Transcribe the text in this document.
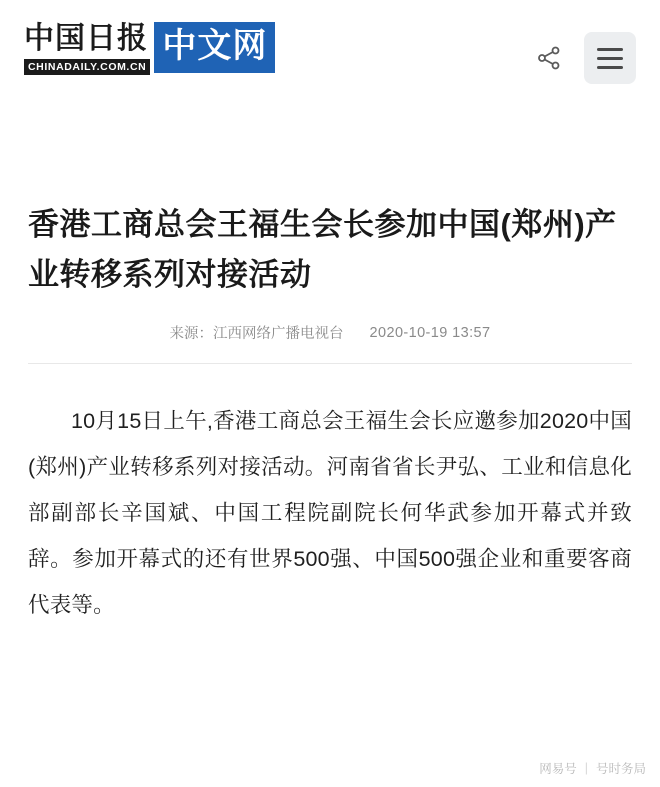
中国日报
CHINADAILY.COM.CN
中文网
香港工商总会王福生会长参加中国(郑州)产业转移系列对接活动
来源：江西网络广播电视台 2020-10-19 13:57

10月15日上午,香港工商总会王福生会长应邀参加2020中国(郑州)产业转移系列对接活动。河南省省长尹弘、工业和信息化部副部长辛国斌、中国工程院副院长何华武参加开幕式并致辞。参加开幕式的还有世界500强、中国500强企业和重要客商代表等。

网易号 | 号时务局
